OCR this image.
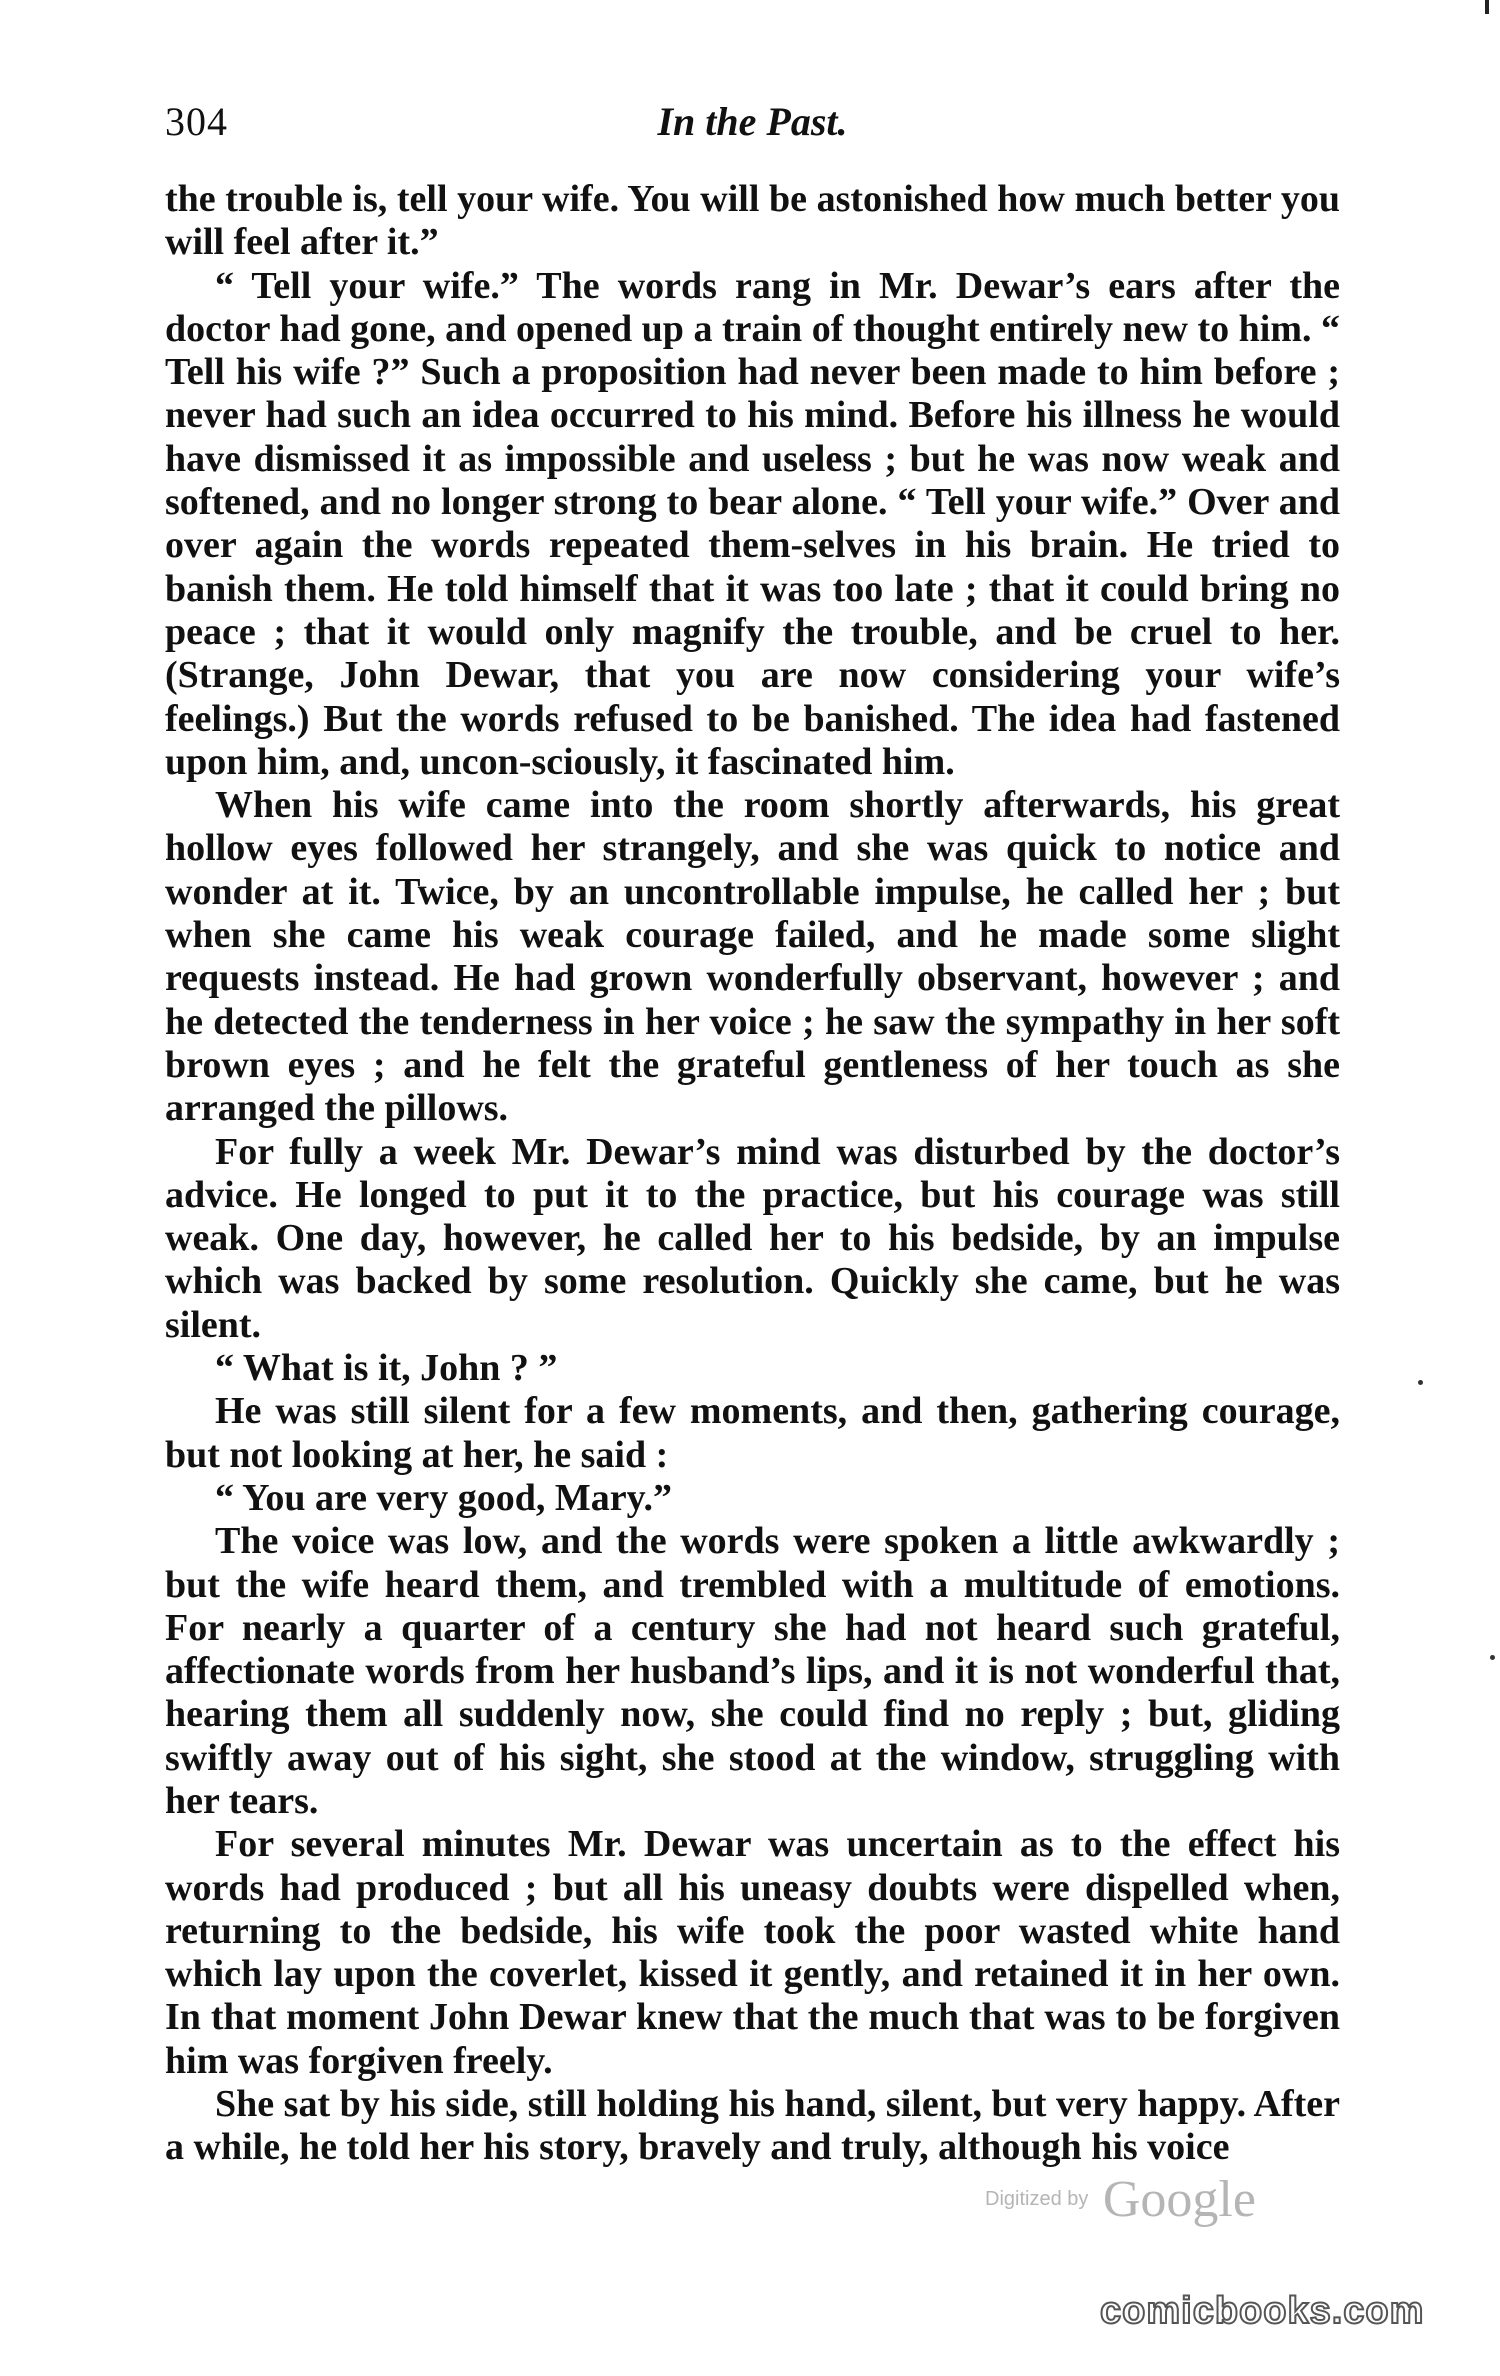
In the Past.
304

the trouble is, tell your wife. You will be astonished how much better you will feel after it.”

“ Tell your wife.” The words rang in Mr. Dewar’s ears after the doctor had gone, and opened up a train of thought entirely new to him. “ Tell his wife ?” Such a proposition had never been made to him before ; never had such an idea occurred to his mind. Before his illness he would have dismissed it as impossible and useless ; but he was now weak and softened, and no longer strong to bear alone. “ Tell your wife.” Over and over again the words repeated them-selves in his brain. He tried to banish them. He told himself that it was too late ; that it could bring no peace ; that it would only magnify the trouble, and be cruel to her. (Strange, John Dewar, that you are now considering your wife’s feelings.) But the words refused to be banished. The idea had fastened upon him, and, uncon-sciously, it fascinated him.

When his wife came into the room shortly afterwards, his great hollow eyes followed her strangely, and she was quick to notice and wonder at it. Twice, by an uncontrollable impulse, he called her ; but when she came his weak courage failed, and he made some slight requests instead. He had grown wonderfully observant, however ; and he detected the tenderness in her voice ; he saw the sympathy in her soft brown eyes ; and he felt the grateful gentleness of her touch as she arranged the pillows.

For fully a week Mr. Dewar’s mind was disturbed by the doctor’s advice. He longed to put it to the practice, but his courage was still weak. One day, however, he called her to his bedside, by an impulse which was backed by some resolution. Quickly she came, but he was silent.

“ What is it, John ? ”

He was still silent for a few moments, and then, gathering courage, but not looking at her, he said :

“ You are very good, Mary.”

The voice was low, and the words were spoken a little awkwardly ; but the wife heard them, and trembled with a multitude of emotions. For nearly a quarter of a century she had not heard such grateful, affectionate words from her husband’s lips, and it is not wonderful that, hearing them all suddenly now, she could find no reply ; but, gliding swiftly away out of his sight, she stood at the window, struggling with her tears.

For several minutes Mr. Dewar was uncertain as to the effect his words had produced ; but all his uneasy doubts were dispelled when, returning to the bedside, his wife took the poor wasted white hand which lay upon the coverlet, kissed it gently, and retained it in her own. In that moment John Dewar knew that the much that was to be forgiven him was forgiven freely.

She sat by his side, still holding his hand, silent, but very happy. After a while, he told her his story, bravely and truly, although his voice

Digitized by Google
comicbooks.com
